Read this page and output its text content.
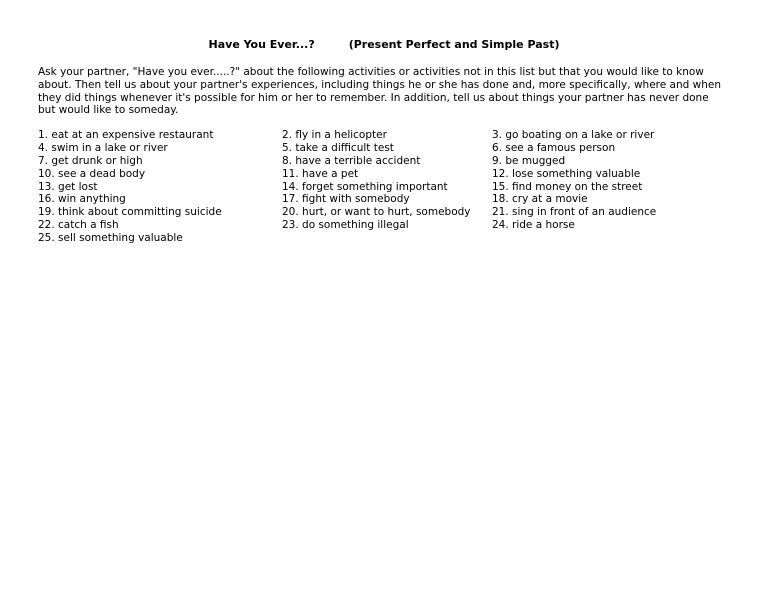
Have You Ever...?	(Present Perfect and Simple Past)

Ask your partner, "Have you ever.....?" about the following activities or activities not in this list but that you would like to know about. Then tell us about your partner's experiences, including things he or she has done and, more specifically, where and when they did things whenever it's possible for him or her to remember. In addition, tell us about things your partner has never done but would like to someday.

1. eat at an expensive restaurant	2. fly in a helicopter	3. go boating on a lake or river
4. swim in a lake or river	5. take a difficult test	6. see a famous person
7. get drunk or high	8. have a terrible accident	9. be mugged
10. see a dead body	11. have a pet	12. lose something valuable
13. get lost	14. forget something important	15. find money on the street
16. win anything	17. fight with somebody	18. cry at a movie
19. think about committing suicide	20. hurt, or want to hurt, somebody 21. sing in front of an audience
22. catch a fish	23. do something illegal	24. ride a horse
25. sell something valuable
